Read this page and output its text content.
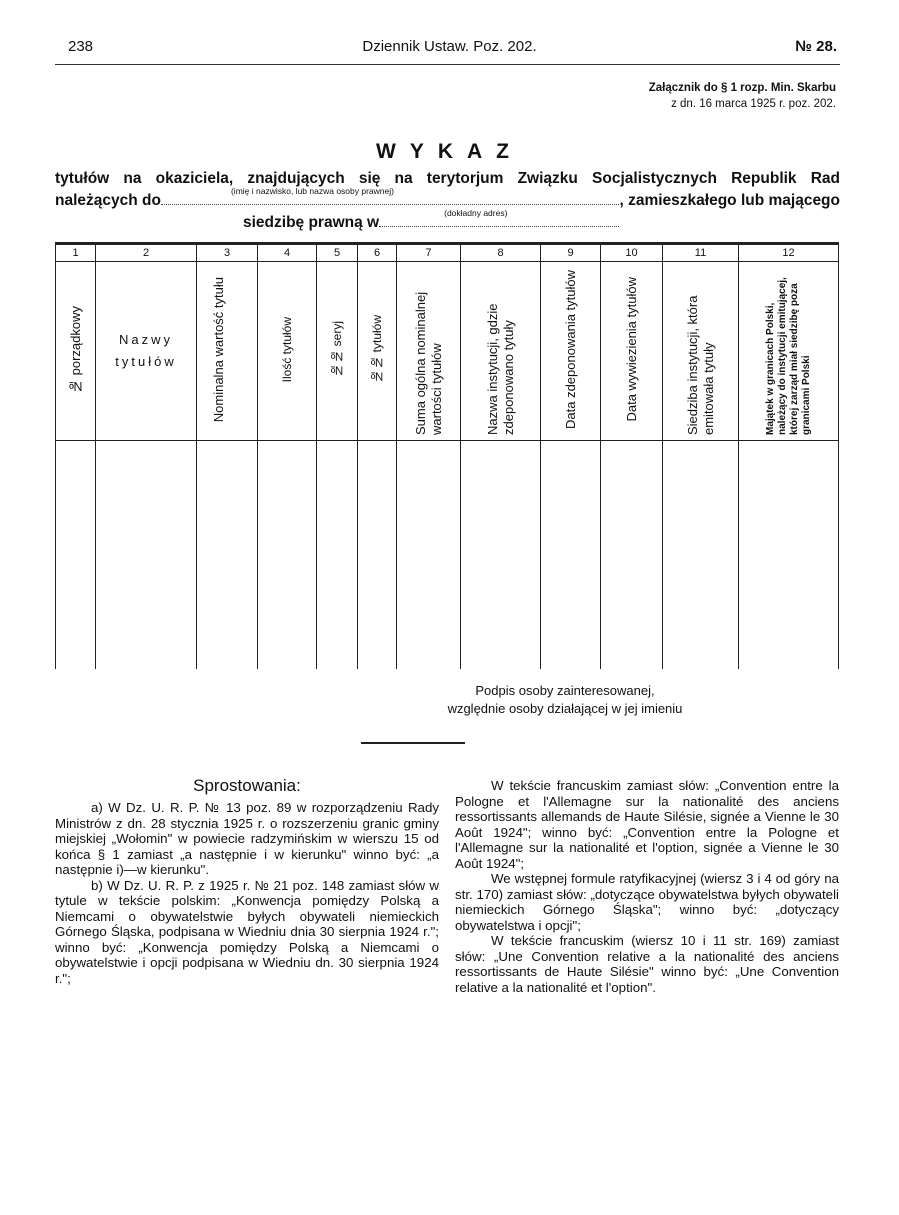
238	Dziennik Ustaw. Poz. 202.	№ 28.
Załącznik do § 1 rozp. Min. Skarbu
z dn. 16 marca 1925 r. poz. 202.
WYKAZ
tytułów na okaziciela, znajdujących się na terytorjum Związku Socjalistycznych Republik Rad
należących do
(imię i nazwisko, lub nazwa osoby prawnej)
, zamieszkałego lub mającego
siedzibę prawną w
(dokładny adres)
1	2	3	4	5	6	7	8	9	10	11	12
№ porządkowy	Nazwy tytułów	Nominalna wartość tytułu	Ilość tytułów	№№ seryj	№№ tytułów	Suma ogólna nominalnej wartości tytułów	Nazwa instytucji, gdzie zdeponowano tytuły	Data zdeponowania tytułów	Data wywiezienia tytułów	Siedziba instytucji, która emitowała tytuły	Majątek w granicach Polski, należący do instytucji emitującej, której zarząd miał siedzibę poza granicami Polski

Podpis osoby zainteresowanej,
względnie osoby działającej w jej imieniu
Sprostowania:

a) W Dz. U. R. P. № 13 poz. 89 w rozporządzeniu Rady Ministrów z dn. 28 stycznia 1925 r. o rozszerzeniu granic gminy miejskiej „Wołomin" w powiecie radzymińskim w wierszu 15 od końca § 1 zamiast „a następnie i w kierunku" winno być: „a następnie i)—w kierunku".

b) W Dz. U. R. P. z 1925 r. № 21 poz. 148 zamiast słów w tytule w tekście polskim: „Konwencja pomiędzy Polską a Niemcami o obywatelstwie byłych obywateli niemieckich Górnego Śląska, podpisana w Wiedniu dnia 30 sierpnia 1924 r."; winno być: „Konwencja pomiędzy Polską a Niemcami o obywatelstwie i opcji podpisana w Wiedniu dn. 30 sierpnia 1924 r.";

W tekście francuskim zamiast słów: „Convention entre la Pologne et l'Allemagne sur la nationalité des anciens ressortissants allemands de Haute Silésie, signée a Vienne le 30 Août 1924"; winno być: „Convention entre la Pologne et l'Allemagne sur la nationalité et l'option, signée a Vienne le 30 Août 1924";

We wstępnej formule ratyfikacyjnej (wiersz 3 i 4 od góry na str. 170) zamiast słów: „dotyczące obywatelstwa byłych obywateli niemieckich Górnego Śląska"; winno być: „dotyczący obywatelstwa i opcji";

W tekście francuskim (wiersz 10 i 11 str. 169) zamiast słów: „Une Convention relative a la nationalité des anciens ressortissants de Haute Silésie" winno być: „Une Convention relative a la nationalité et l'option".
